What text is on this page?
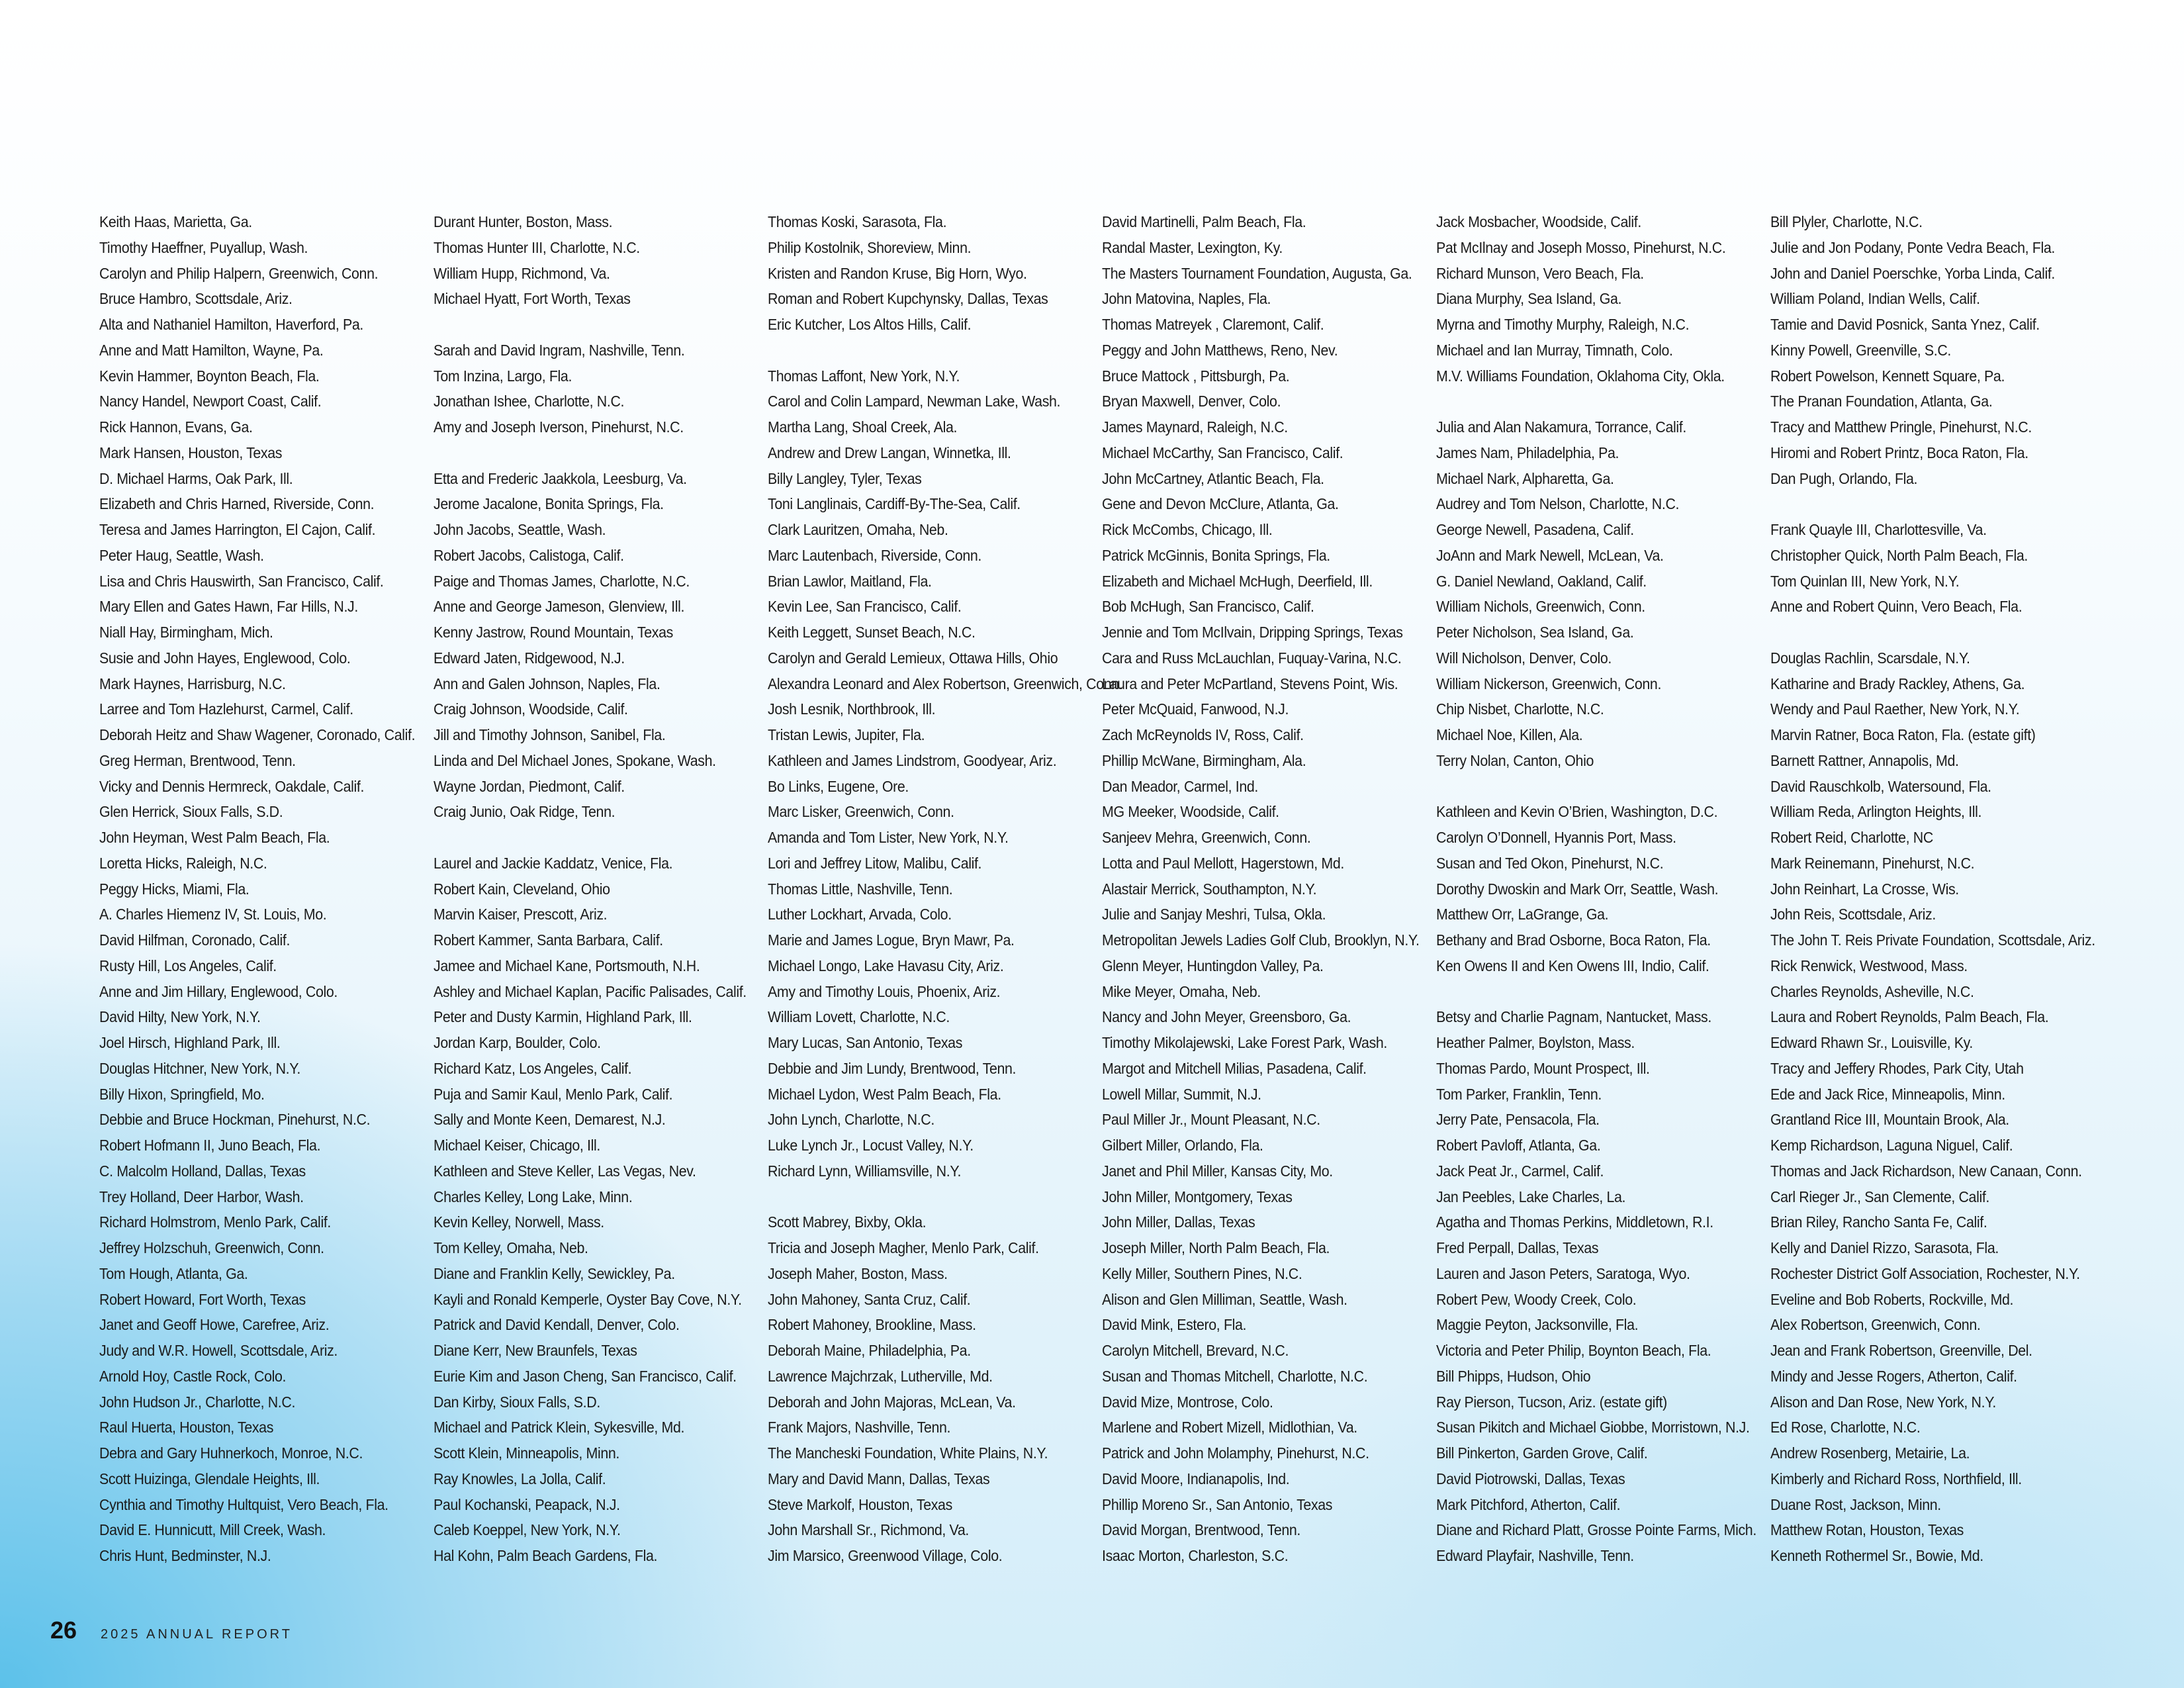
Keith Haas, Marietta, Ga.
Timothy Haeffner, Puyallup, Wash.
Carolyn and Philip Halpern, Greenwich, Conn.
Bruce Hambro, Scottsdale, Ariz.
Alta and Nathaniel Hamilton, Haverford, Pa.
Anne and Matt Hamilton, Wayne, Pa.
Kevin Hammer, Boynton Beach, Fla.
Nancy Handel, Newport Coast, Calif.
Rick Hannon, Evans, Ga.
Mark Hansen, Houston, Texas
D. Michael Harms, Oak Park, Ill.
Elizabeth and Chris Harned, Riverside, Conn.
Teresa and James Harrington, El Cajon, Calif.
Peter Haug, Seattle, Wash.
Lisa and Chris Hauswirth, San Francisco, Calif.
Mary Ellen and Gates Hawn, Far Hills, N.J.
Niall Hay, Birmingham, Mich.
Susie and John Hayes, Englewood, Colo.
Mark Haynes, Harrisburg, N.C.
Larree and Tom Hazlehurst, Carmel, Calif.
Deborah Heitz and Shaw Wagener, Coronado, Calif.
Greg Herman, Brentwood, Tenn.
Vicky and Dennis Hermreck, Oakdale, Calif.
Glen Herrick, Sioux Falls, S.D.
John Heyman, West Palm Beach, Fla.
Loretta Hicks, Raleigh, N.C.
Peggy Hicks, Miami, Fla.
A. Charles Hiemenz IV, St. Louis, Mo.
David Hilfman, Coronado, Calif.
Rusty Hill, Los Angeles, Calif.
Anne and Jim Hillary, Englewood, Colo.
David Hilty, New York, N.Y.
Joel Hirsch, Highland Park, Ill.
Douglas Hitchner, New York, N.Y.
Billy Hixon, Springfield, Mo.
Debbie and Bruce Hockman, Pinehurst, N.C.
Robert Hofmann II, Juno Beach, Fla.
C. Malcolm Holland, Dallas, Texas
Trey Holland, Deer Harbor, Wash.
Richard Holmstrom, Menlo Park, Calif.
Jeffrey Holzschuh, Greenwich, Conn.
Tom Hough, Atlanta, Ga.
Robert Howard, Fort Worth, Texas
Janet and Geoff Howe, Carefree, Ariz.
Judy and W.R. Howell, Scottsdale, Ariz.
Arnold Hoy, Castle Rock, Colo.
John Hudson Jr., Charlotte, N.C.
Raul Huerta, Houston, Texas
Debra and Gary Huhnerkoch, Monroe, N.C.
Scott Huizinga, Glendale Heights, Ill.
Cynthia and Timothy Hultquist, Vero Beach, Fla.
David E. Hunnicutt, Mill Creek, Wash.
Chris Hunt, Bedminster, N.J.
Durant Hunter, Boston, Mass.
Thomas Hunter III, Charlotte, N.C.
William Hupp, Richmond, Va.
Michael Hyatt, Fort Worth, Texas
Sarah and David Ingram, Nashville, Tenn.
Tom Inzina, Largo, Fla.
Jonathan Ishee, Charlotte, N.C.
Amy and Joseph Iverson, Pinehurst, N.C.
Etta and Frederic Jaakkola, Leesburg, Va.
Jerome Jacalone, Bonita Springs, Fla.
John Jacobs, Seattle, Wash.
Robert Jacobs, Calistoga, Calif.
Paige and Thomas James, Charlotte, N.C.
Anne and George Jameson, Glenview, Ill.
Kenny Jastrow, Round Mountain, Texas
Edward Jaten, Ridgewood, N.J.
Ann and Galen Johnson, Naples, Fla.
Craig Johnson, Woodside, Calif.
Jill and Timothy Johnson, Sanibel, Fla.
Linda and Del Michael Jones, Spokane, Wash.
Wayne Jordan, Piedmont, Calif.
Craig Junio, Oak Ridge, Tenn.
Laurel and Jackie Kaddatz, Venice, Fla.
Robert Kain, Cleveland, Ohio
Marvin Kaiser, Prescott, Ariz.
Robert Kammer, Santa Barbara, Calif.
Jamee and Michael Kane, Portsmouth, N.H.
Ashley and Michael Kaplan, Pacific Palisades, Calif.
Peter and Dusty Karmin, Highland Park, Ill.
Jordan Karp, Boulder, Colo.
Richard Katz, Los Angeles, Calif.
Puja and Samir Kaul, Menlo Park, Calif.
Sally and Monte Keen, Demarest, N.J.
Michael Keiser, Chicago, Ill.
Kathleen and Steve Keller, Las Vegas, Nev.
Charles Kelley, Long Lake, Minn.
Kevin Kelley, Norwell, Mass.
Tom Kelley, Omaha, Neb.
Diane and Franklin Kelly, Sewickley, Pa.
Kayli and Ronald Kemperle, Oyster Bay Cove, N.Y.
Patrick and David Kendall, Denver, Colo.
Diane Kerr, New Braunfels, Texas
Eurie Kim and Jason Cheng, San Francisco, Calif.
Dan Kirby, Sioux Falls, S.D.
Michael and Patrick Klein, Sykesville, Md.
Scott Klein, Minneapolis, Minn.
Ray Knowles, La Jolla, Calif.
Paul Kochanski, Peapack, N.J.
Caleb Koeppel, New York, N.Y.
Hal Kohn, Palm Beach Gardens, Fla.
Thomas Koski, Sarasota, Fla.
Philip Kostolnik, Shoreview, Minn.
Kristen and Randon Kruse, Big Horn, Wyo.
Roman and Robert Kupchynsky, Dallas, Texas
Eric Kutcher, Los Altos Hills, Calif.
Thomas Laffont, New York, N.Y.
Carol and Colin Lampard, Newman Lake, Wash.
Martha Lang, Shoal Creek, Ala.
Andrew and Drew Langan, Winnetka, Ill.
Billy Langley, Tyler, Texas
Toni Langlinais, Cardiff-By-The-Sea, Calif.
Clark Lauritzen, Omaha, Neb.
Marc Lautenbach, Riverside, Conn.
Brian Lawlor, Maitland, Fla.
Kevin Lee, San Francisco, Calif.
Keith Leggett, Sunset Beach, N.C.
Carolyn and Gerald Lemieux, Ottawa Hills, Ohio
Alexandra Leonard and Alex Robertson, Greenwich, Conn.
Josh Lesnik, Northbrook, Ill.
Tristan Lewis, Jupiter, Fla.
Kathleen and James Lindstrom, Goodyear, Ariz.
Bo Links, Eugene, Ore.
Marc Lisker, Greenwich, Conn.
Amanda and Tom Lister, New York, N.Y.
Lori and Jeffrey Litow, Malibu, Calif.
Thomas Little, Nashville, Tenn.
Luther Lockhart, Arvada, Colo.
Marie and James Logue, Bryn Mawr, Pa.
Michael Longo, Lake Havasu City, Ariz.
Amy and Timothy Louis, Phoenix, Ariz.
William Lovett, Charlotte, N.C.
Mary Lucas, San Antonio, Texas
Debbie and Jim Lundy, Brentwood, Tenn.
Michael Lydon, West Palm Beach, Fla.
John Lynch, Charlotte, N.C.
Luke Lynch Jr., Locust Valley, N.Y.
Richard Lynn, Williamsville, N.Y.
Scott Mabrey, Bixby, Okla.
Tricia and Joseph Magher, Menlo Park, Calif.
Joseph Maher, Boston, Mass.
John Mahoney, Santa Cruz, Calif.
Robert Mahoney, Brookline, Mass.
Deborah Maine, Philadelphia, Pa.
Lawrence Majchrzak, Lutherville, Md.
Deborah and John Majoras, McLean, Va.
Frank Majors, Nashville, Tenn.
The Mancheski Foundation, White Plains, N.Y.
Mary and David Mann, Dallas, Texas
Steve Markolf, Houston, Texas
John Marshall Sr., Richmond, Va.
Jim Marsico, Greenwood Village, Colo.
David Martinelli, Palm Beach, Fla.
Randal Master, Lexington, Ky.
The Masters Tournament Foundation, Augusta, Ga.
John Matovina, Naples, Fla.
Thomas Matreyek , Claremont, Calif.
Peggy and John Matthews, Reno, Nev.
Bruce Mattock , Pittsburgh, Pa.
Bryan Maxwell, Denver, Colo.
James Maynard, Raleigh, N.C.
Michael McCarthy, San Francisco, Calif.
John McCartney, Atlantic Beach, Fla.
Gene and Devon McClure, Atlanta, Ga.
Rick McCombs, Chicago, Ill.
Patrick McGinnis, Bonita Springs, Fla.
Elizabeth and Michael McHugh, Deerfield, Ill.
Bob McHugh, San Francisco, Calif.
Jennie and Tom McIlvain, Dripping Springs, Texas
Cara and Russ McLauchlan, Fuquay-Varina, N.C.
Laura and Peter McPartland, Stevens Point, Wis.
Peter McQuaid, Fanwood, N.J.
Zach McReynolds IV, Ross, Calif.
Phillip McWane, Birmingham, Ala.
Dan Meador, Carmel, Ind.
MG Meeker, Woodside, Calif.
Sanjeev Mehra, Greenwich, Conn.
Lotta and Paul Mellott, Hagerstown, Md.
Alastair Merrick, Southampton, N.Y.
Julie and Sanjay Meshri, Tulsa, Okla.
Metropolitan Jewels Ladies Golf Club, Brooklyn, N.Y.
Glenn Meyer, Huntingdon Valley, Pa.
Mike Meyer, Omaha, Neb.
Nancy and John Meyer, Greensboro, Ga.
Timothy Mikolajewski, Lake Forest Park, Wash.
Margot and Mitchell Milias, Pasadena, Calif.
Lowell Millar, Summit, N.J.
Paul Miller Jr., Mount Pleasant, N.C.
Gilbert Miller, Orlando, Fla.
Janet and Phil Miller, Kansas City, Mo.
John Miller, Montgomery, Texas
John Miller, Dallas, Texas
Joseph Miller, North Palm Beach, Fla.
Kelly Miller, Southern Pines, N.C.
Alison and Glen Milliman, Seattle, Wash.
David Mink, Estero, Fla.
Carolyn Mitchell, Brevard, N.C.
Susan and Thomas Mitchell, Charlotte, N.C.
David Mize, Montrose, Colo.
Marlene and Robert Mizell, Midlothian, Va.
Patrick and John Molamphy, Pinehurst, N.C.
David Moore, Indianapolis, Ind.
Phillip Moreno Sr., San Antonio, Texas
David Morgan, Brentwood, Tenn.
Isaac Morton, Charleston, S.C.
Jack Mosbacher, Woodside, Calif.
Pat McIlnay and Joseph Mosso, Pinehurst, N.C.
Richard Munson, Vero Beach, Fla.
Diana Murphy, Sea Island, Ga.
Myrna and Timothy Murphy, Raleigh, N.C.
Michael and Ian Murray, Timnath, Colo.
M.V. Williams Foundation, Oklahoma City, Okla.
Julia and Alan Nakamura, Torrance, Calif.
James Nam, Philadelphia, Pa.
Michael Nark, Alpharetta, Ga.
Audrey and Tom Nelson, Charlotte, N.C.
George Newell, Pasadena, Calif.
JoAnn and Mark Newell, McLean, Va.
G. Daniel Newland, Oakland, Calif.
William Nichols, Greenwich, Conn.
Peter Nicholson, Sea Island, Ga.
Will Nicholson, Denver, Colo.
William Nickerson, Greenwich, Conn.
Chip Nisbet, Charlotte, N.C.
Michael Noe, Killen, Ala.
Terry Nolan, Canton, Ohio
Kathleen and Kevin O’Brien, Washington, D.C.
Carolyn O’Donnell, Hyannis Port, Mass.
Susan and Ted Okon, Pinehurst, N.C.
Dorothy Dwoskin and Mark Orr, Seattle, Wash.
Matthew Orr, LaGrange, Ga.
Bethany and Brad Osborne, Boca Raton, Fla.
Ken Owens II and Ken Owens III, Indio, Calif.
Betsy and Charlie Pagnam, Nantucket, Mass.
Heather Palmer, Boylston, Mass.
Thomas Pardo, Mount Prospect, Ill.
Tom Parker, Franklin, Tenn.
Jerry Pate, Pensacola, Fla.
Robert Pavloff, Atlanta, Ga.
Jack Peat Jr., Carmel, Calif.
Jan Peebles, Lake Charles, La.
Agatha and Thomas Perkins, Middletown, R.I.
Fred Perpall, Dallas, Texas
Lauren and Jason Peters, Saratoga, Wyo.
Robert Pew, Woody Creek, Colo.
Maggie Peyton, Jacksonville, Fla.
Victoria and Peter Philip, Boynton Beach, Fla.
Bill Phipps, Hudson, Ohio
Ray Pierson, Tucson, Ariz. (estate gift)
Susan Pikitch and Michael Giobbe, Morristown, N.J.
Bill Pinkerton, Garden Grove, Calif.
David Piotrowski, Dallas, Texas
Mark Pitchford, Atherton, Calif.
Diane and Richard Platt, Grosse Pointe Farms, Mich.
Edward Playfair, Nashville, Tenn.
Bill Plyler, Charlotte, N.C.
Julie and Jon Podany, Ponte Vedra Beach, Fla.
John and Daniel Poerschke, Yorba Linda, Calif.
William Poland, Indian Wells, Calif.
Tamie and David Posnick, Santa Ynez, Calif.
Kinny Powell, Greenville, S.C.
Robert Powelson, Kennett Square, Pa.
The Pranan Foundation, Atlanta, Ga.
Tracy and Matthew Pringle, Pinehurst, N.C.
Hiromi and Robert Printz, Boca Raton, Fla.
Dan Pugh, Orlando, Fla.
Frank Quayle III, Charlottesville, Va.
Christopher Quick, North Palm Beach, Fla.
Tom Quinlan III, New York, N.Y.
Anne and Robert Quinn, Vero Beach, Fla.
Douglas Rachlin, Scarsdale, N.Y.
Katharine and Brady Rackley, Athens, Ga.
Wendy and Paul Raether, New York, N.Y.
Marvin Ratner, Boca Raton, Fla. (estate gift)
Barnett Rattner, Annapolis, Md.
David Rauschkolb, Watersound, Fla.
William Reda, Arlington Heights, Ill.
Robert Reid, Charlotte, NC
Mark Reinemann, Pinehurst, N.C.
John Reinhart, La Crosse, Wis.
John Reis, Scottsdale, Ariz.
The John T. Reis Private Foundation, Scottsdale, Ariz.
Rick Renwick, Westwood, Mass.
Charles Reynolds, Asheville, N.C.
Laura and Robert Reynolds, Palm Beach, Fla.
Edward Rhawn Sr., Louisville, Ky.
Tracy and Jeffery Rhodes, Park City, Utah
Ede and Jack Rice, Minneapolis, Minn.
Grantland Rice III, Mountain Brook, Ala.
Kemp Richardson, Laguna Niguel, Calif.
Thomas and Jack Richardson, New Canaan, Conn.
Carl Rieger Jr., San Clemente, Calif.
Brian Riley, Rancho Santa Fe, Calif.
Kelly and Daniel Rizzo, Sarasota, Fla.
Rochester District Golf Association, Rochester, N.Y.
Eveline and Bob Roberts, Rockville, Md.
Alex Robertson, Greenwich, Conn.
Jean and Frank Robertson, Greenville, Del.
Mindy and Jesse Rogers, Atherton, Calif.
Alison and Dan Rose, New York, N.Y.
Ed Rose, Charlotte, N.C.
Andrew Rosenberg, Metairie, La.
Kimberly and Richard Ross, Northfield, Ill.
Duane Rost, Jackson, Minn.
Matthew Rotan, Houston, Texas
Kenneth Rothermel Sr., Bowie, Md.
26 2025 ANNUAL REPORT
